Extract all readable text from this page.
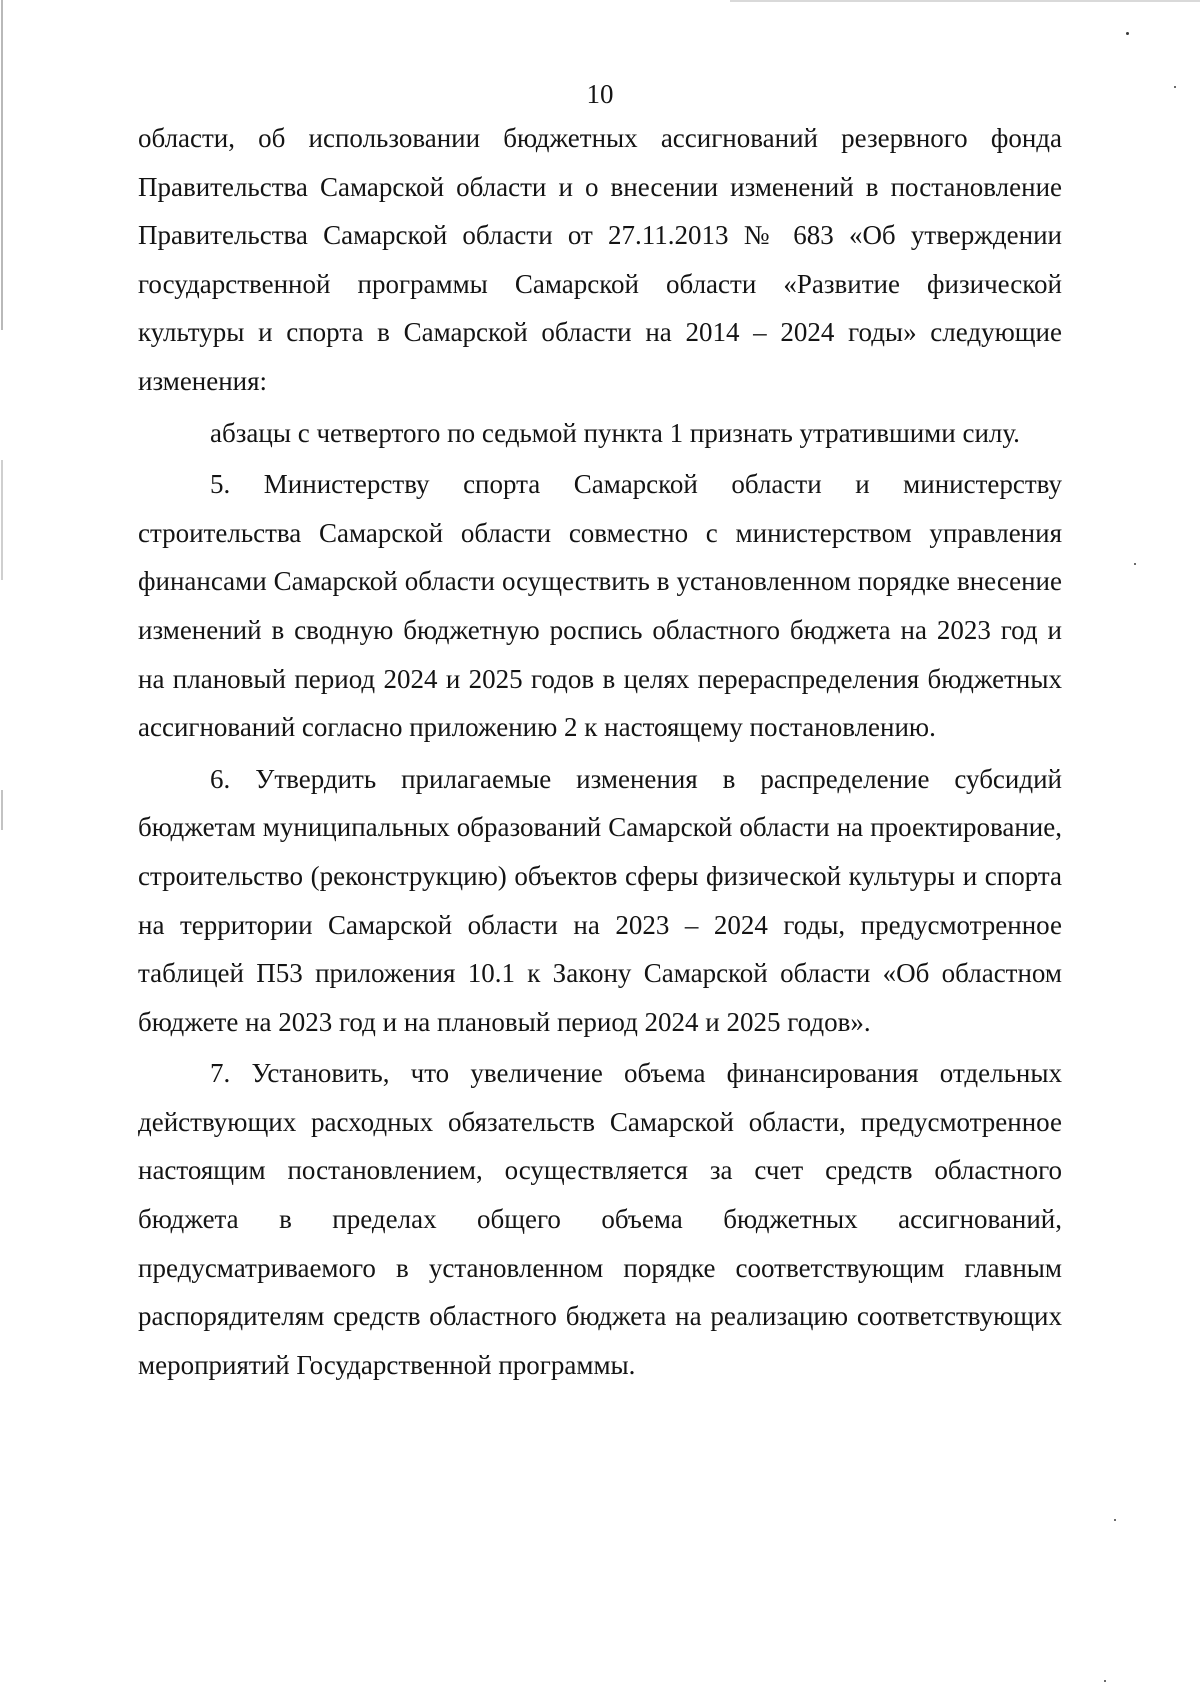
10

области, об использовании бюджетных ассигнований резервного фонда Правительства Самарской области и о внесении изменений в постановление Правительства Самарской области от 27.11.2013 № 683 «Об утверждении государственной программы Самарской области «Развитие физической культуры и спорта в Самарской области на 2014 – 2024 годы» следующие изменения:

абзацы с четвертого по седьмой пункта 1 признать утратившими силу.

5. Министерству спорта Самарской области и министерству строительства Самарской области совместно с министерством управления финансами Самарской области осуществить в установленном порядке внесение изменений в сводную бюджетную роспись областного бюджета на 2023 год и на плановый период 2024 и 2025 годов в целях перераспределения бюджетных ассигнований согласно приложению 2 к настоящему постановлению.

6. Утвердить прилагаемые изменения в распределение субсидий бюджетам муниципальных образований Самарской области на проектирование, строительство (реконструкцию) объектов сферы физической культуры и спорта на территории Самарской области на 2023 – 2024 годы, предусмотренное таблицей П53 приложения 10.1 к Закону Самарской области «Об областном бюджете на 2023 год и на плановый период 2024 и 2025 годов».

7. Установить, что увеличение объема финансирования отдельных действующих расходных обязательств Самарской области, предусмотренное настоящим постановлением, осуществляется за счет средств областного бюджета в пределах общего объема бюджетных ассигнований, предусматриваемого в установленном порядке соответствующим главным распорядителям средств областного бюджета на реализацию соответствующих мероприятий Государственной программы.
